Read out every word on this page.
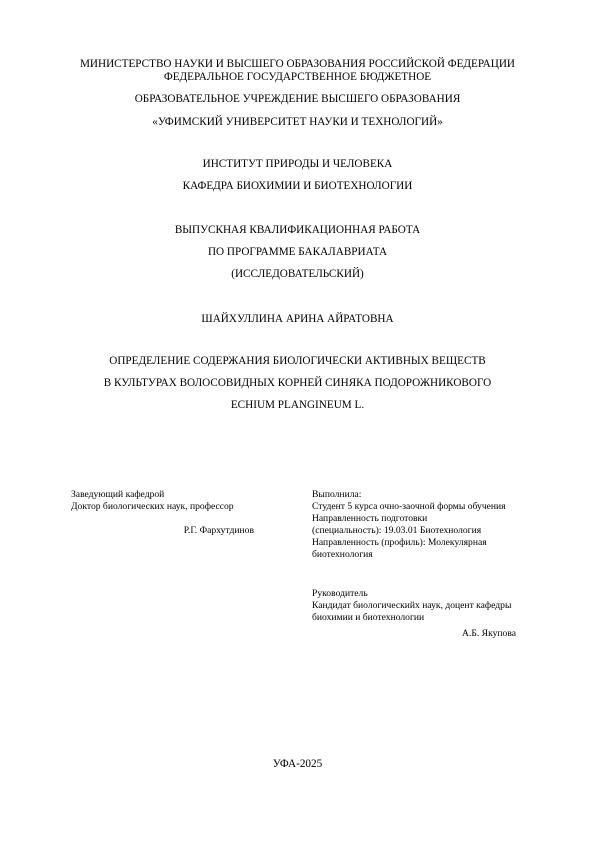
МИНИСТЕРСТВО НАУКИ И ВЫСШЕГО ОБРАЗОВАНИЯ РОССИЙСКОЙ ФЕДЕРАЦИИ
ФЕДЕРАЛЬНОЕ ГОСУДАРСТВЕННОЕ БЮДЖЕТНОЕ
ОБРАЗОВАТЕЛЬНОЕ УЧРЕЖДЕНИЕ ВЫСШЕГО ОБРАЗОВАНИЯ
«УФИМСКИЙ УНИВЕРСИТЕТ НАУКИ И ТЕХНОЛОГИЙ»
ИНСТИТУТ ПРИРОДЫ И ЧЕЛОВЕКА
КАФЕДРА БИОХИМИИ И БИОТЕХНОЛОГИИ
ВЫПУСКНАЯ КВАЛИФИКАЦИОННАЯ РАБОТА
ПО ПРОГРАММЕ БАКАЛАВРИАТА
(ИССЛЕДОВАТЕЛЬСКИЙ)
ШАЙХУЛЛИНА АРИНА АЙРАТОВНА
ОПРЕДЕЛЕНИЕ СОДЕРЖАНИЯ БИОЛОГИЧЕСКИ АКТИВНЫХ ВЕЩЕСТВ
В КУЛЬТУРАХ ВОЛОСОВИДНЫХ КОРНЕЙ СИНЯКА ПОДОРОЖНИКОВОГО
ECHIUM PLANGINEUM L.
Заведующий кафедрой
Доктор биологических наук, профессор
Р.Г. Фархутдинов
Выполнила:
Студент 5 курса очно-заочной формы обучения
Направленность подготовки
(специальность): 19.03.01 Биотехнология
Направленность (профиль): Молекулярная
биотехнология
Руководитель
Кандидат биологическийх наук, доцент кафедры
биохимии и биотехнологии
А.Б. Якупова
УФА-2025
